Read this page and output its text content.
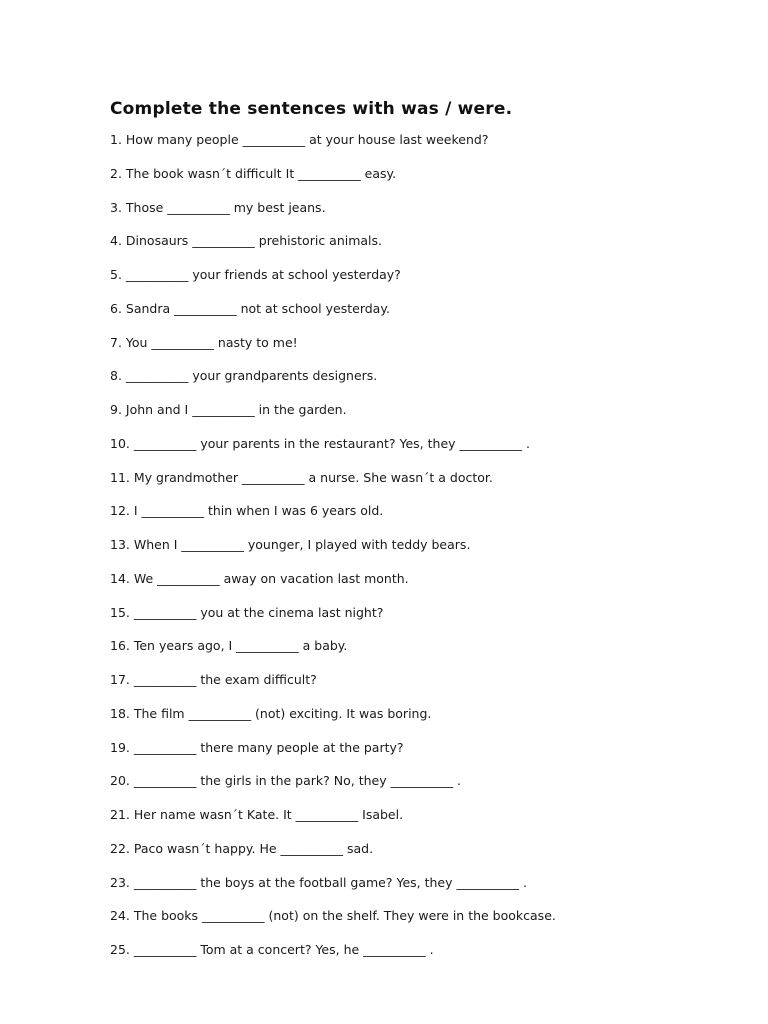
Complete the sentences with was / were.
1. How many people __________ at your house last weekend?
2. The book wasn´t difficult It __________ easy.
3. Those __________ my best jeans.
4. Dinosaurs __________ prehistoric animals.
5. __________ your friends at school yesterday?
6. Sandra __________ not at school yesterday.
7. You __________ nasty to me!
8. __________ your grandparents designers.
9. John and I __________ in the garden.
10. __________ your parents in the restaurant? Yes, they __________ .
11. My grandmother __________ a nurse. She wasn´t a doctor.
12. I __________ thin when I was 6 years old.
13. When I __________ younger, I played with teddy bears.
14. We __________ away on vacation last month.
15. __________ you at the cinema last night?
16. Ten years ago, I __________ a baby.
17. __________ the exam difficult?
18. The film __________ (not) exciting. It was boring.
19. __________ there many people at the party?
20. __________ the girls in the park? No, they __________ .
21. Her name wasn´t Kate. It __________ Isabel.
22. Paco wasn´t happy. He __________ sad.
23. __________ the boys at the football game? Yes, they __________ .
24. The books __________ (not) on the shelf. They were in the bookcase.
25. __________ Tom at a concert? Yes, he __________ .
